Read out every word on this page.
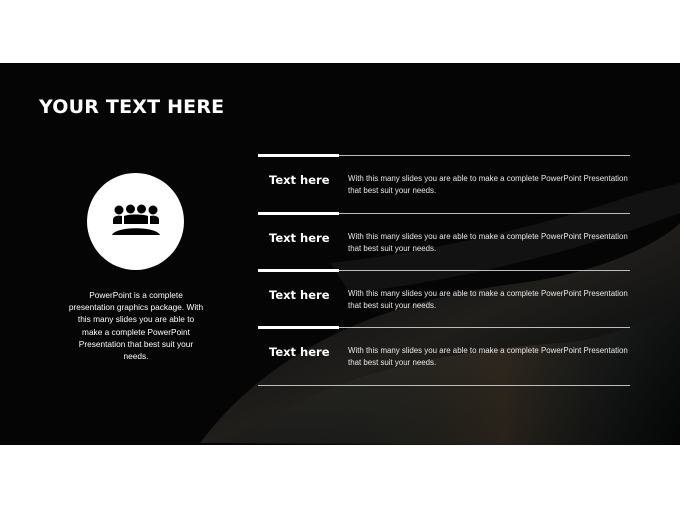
YOUR TEXT HERE
PowerPoint is a complete presentation graphics package. With this many slides you are able to make a complete PowerPoint Presentation that best suit your needs.
Text here With this many slides you are able to make a complete PowerPoint Presentation that best suit your needs.
Text here With this many slides you are able to make a complete PowerPoint Presentation that best suit your needs.
Text here With this many slides you are able to make a complete PowerPoint Presentation that best suit your needs.
Text here With this many slides you are able to make a complete PowerPoint Presentation that best suit your needs.
